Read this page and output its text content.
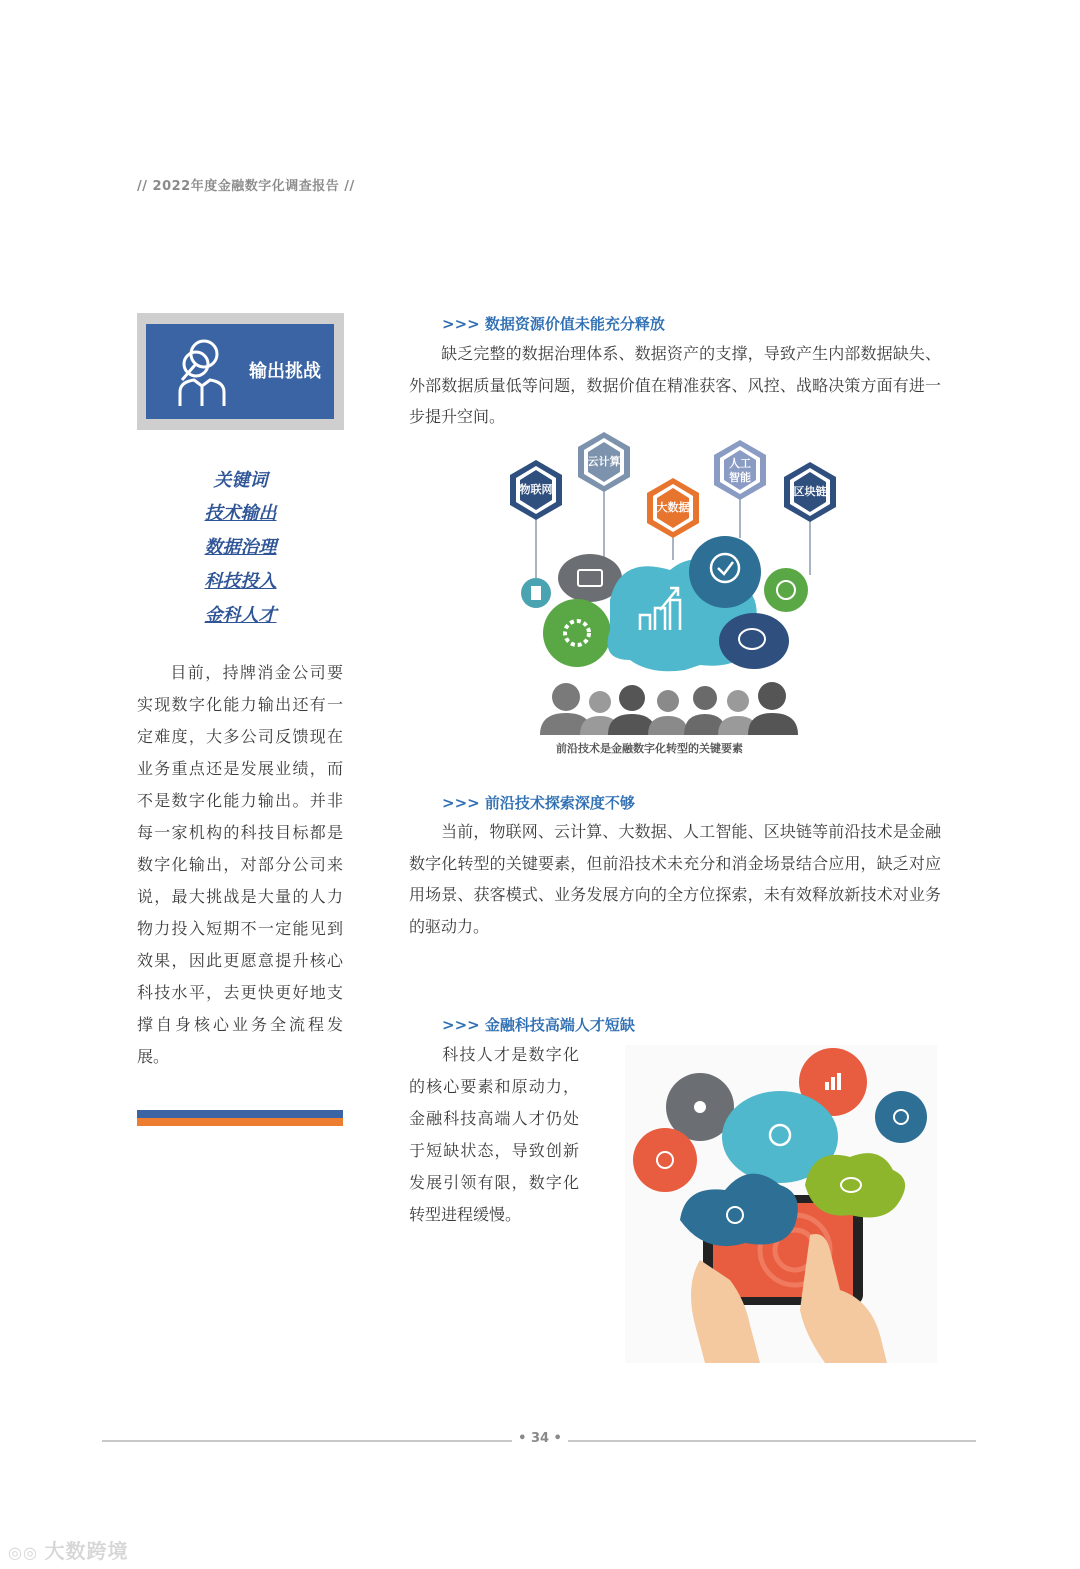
// 2022年度金融数字化调查报告 //
输出挑战
关键词
技术输出
数据治理
科技投入
金科人才
目前，持牌消金公司要实现数字化能力输出还有一定难度，大多公司反馈现在业务重点还是发展业绩，而不是数字化能力输出。并非每一家机构的科技目标都是数字化输出，对部分公司来说，最大挑战是大量的人力物力投入短期不一定能见到效果，因此更愿意提升核心科技水平，去更快更好地支撑自身核心业务全流程发展。
>>> 数据资源价值未能充分释放
缺乏完整的数据治理体系、数据资产的支撑，导致产生内部数据缺失、外部数据质量低等问题，数据价值在精准获客、风控、战略决策方面有进一步提升空间。
物联网
云计算
大数据
人工
智能
区块链
前沿技术是金融数字化转型的关键要素
>>> 前沿技术探索深度不够
当前，物联网、云计算、大数据、人工智能、区块链等前沿技术是金融数字化转型的关键要素，但前沿技术未充分和消金场景结合应用，缺乏对应用场景、获客模式、业务发展方向的全方位探索，未有效释放新技术对业务的驱动力。
>>> 金融科技高端人才短缺
科技人才是数字化的核心要素和原动力，金融科技高端人才仍处于短缺状态，导致创新发展引领有限，数字化转型进程缓慢。
• 34 •
◎◎ 大数跨境
